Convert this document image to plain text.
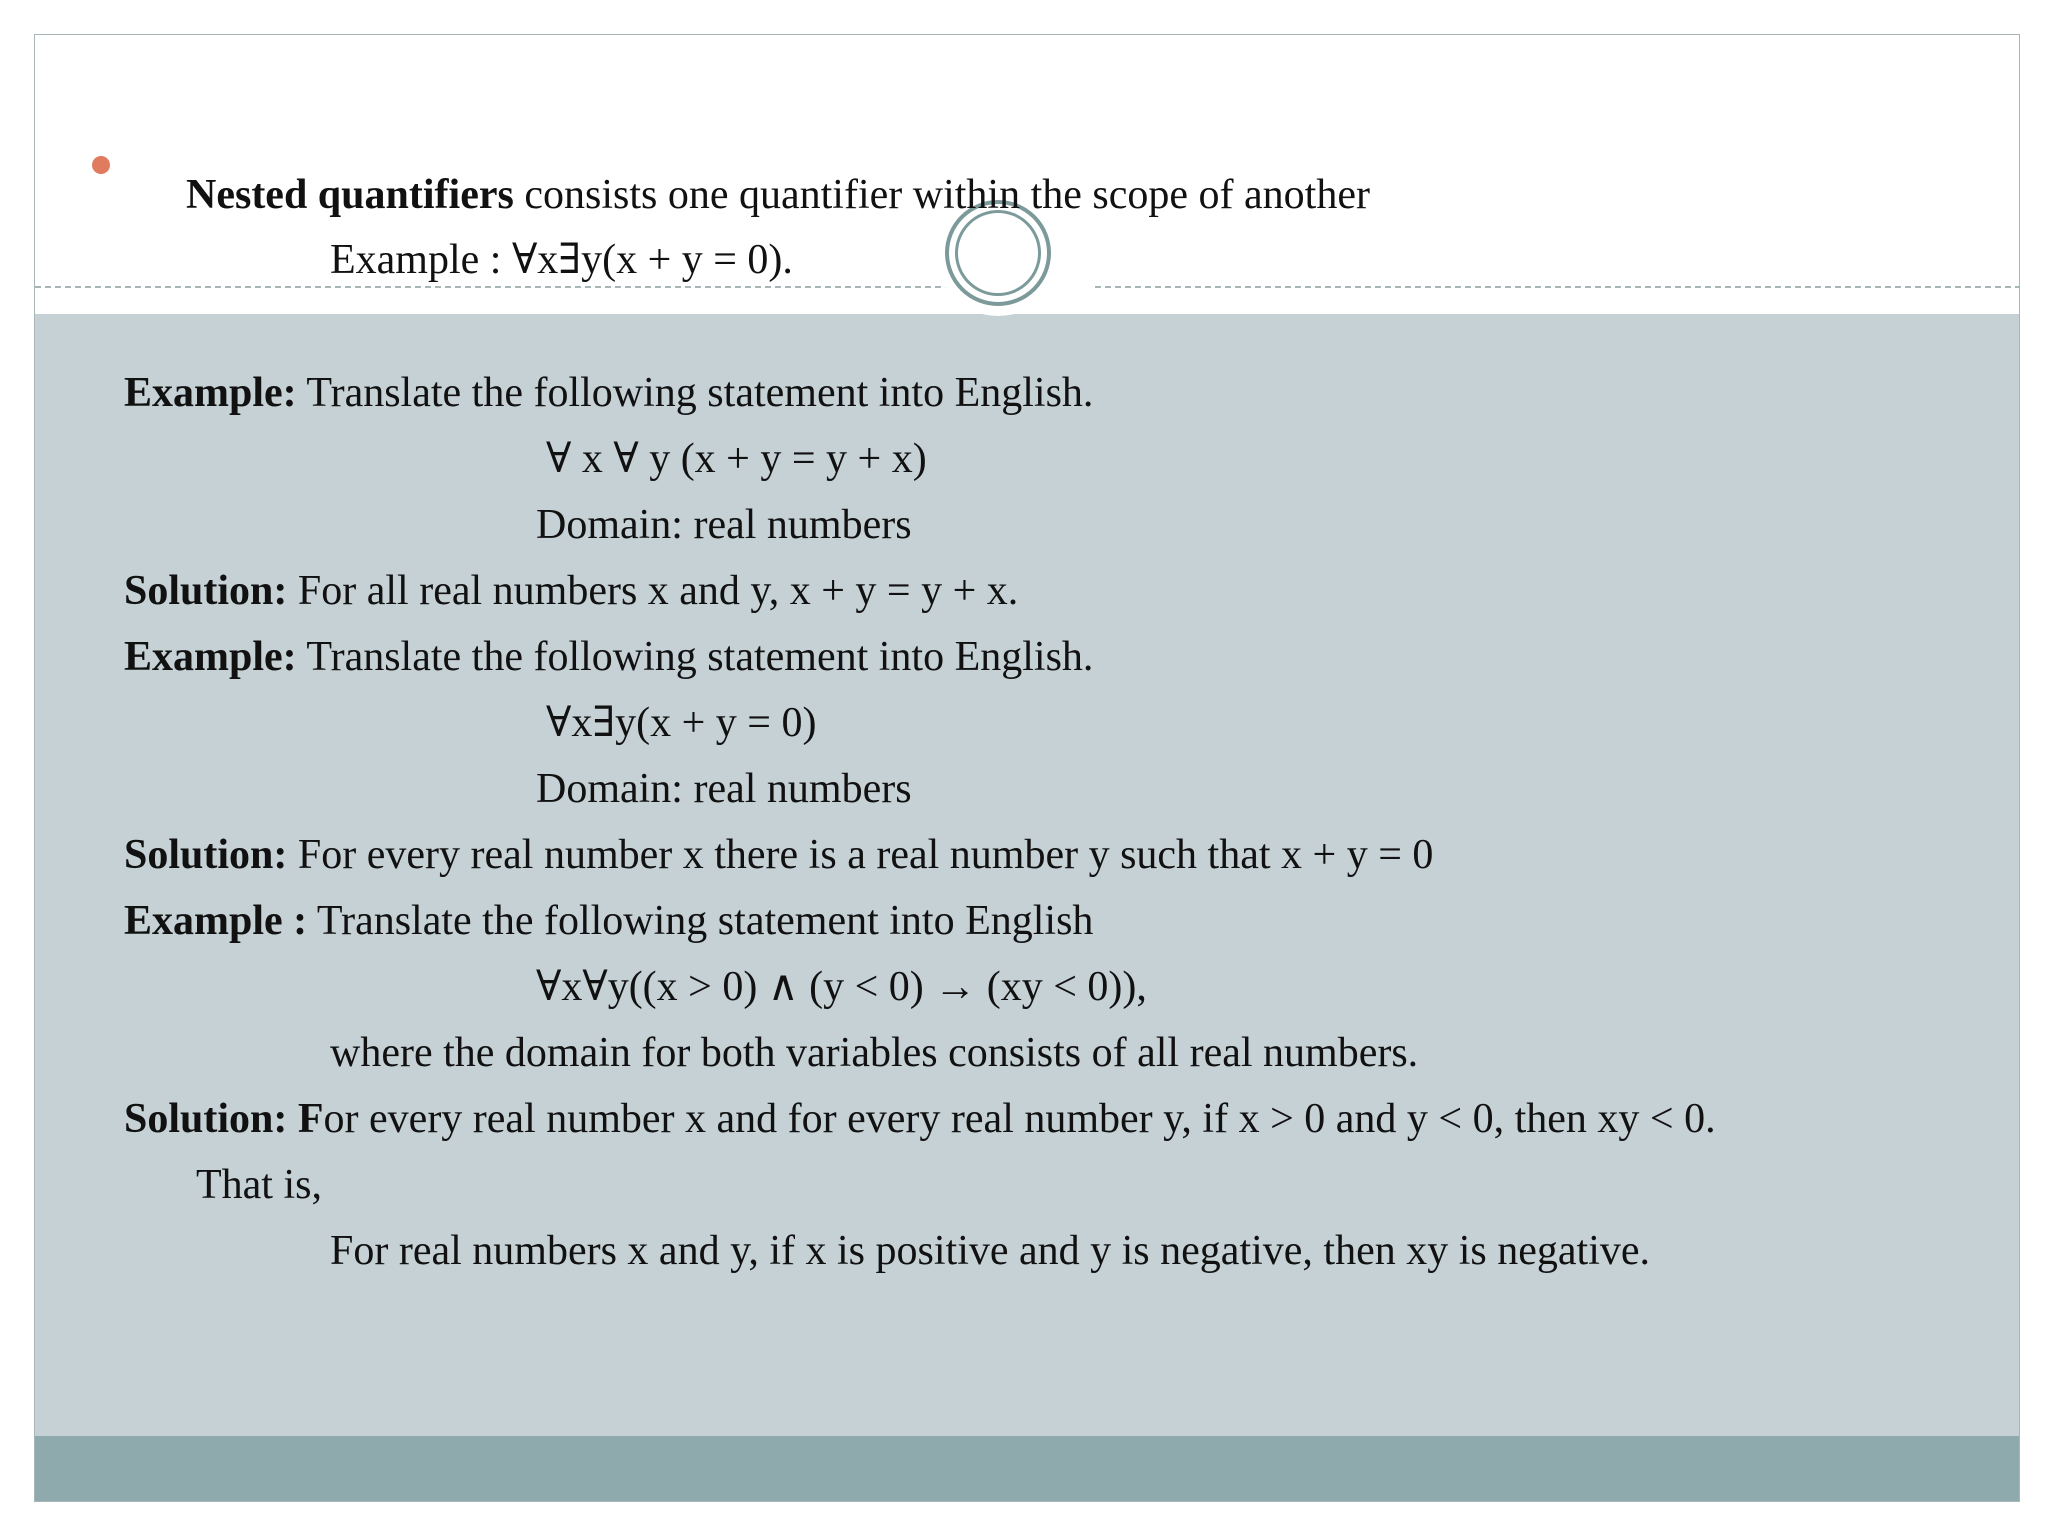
Nested quantifiers consists one quantifier within the scope of another

Example : ∀x∃y(x + y = 0).

Example: Translate the following statement into English.

∀ x ∀ y (x + y = y + x)

Domain: real numbers

Solution: For all real numbers x and y, x + y = y + x.

Example: Translate the following statement into English.

∀x∃y(x + y = 0)

Domain: real numbers

Solution: For every real number x there is a real number y such that x + y = 0

Example : Translate the following statement into English

∀x∀y((x > 0) ∧ (y < 0) → (xy < 0)),

where the domain for both variables consists of all real numbers.

Solution: For every real number x and for every real number y, if x > 0 and y < 0, then xy < 0.

That is,

For real numbers x and y, if x is positive and y is negative, then xy is negative.
